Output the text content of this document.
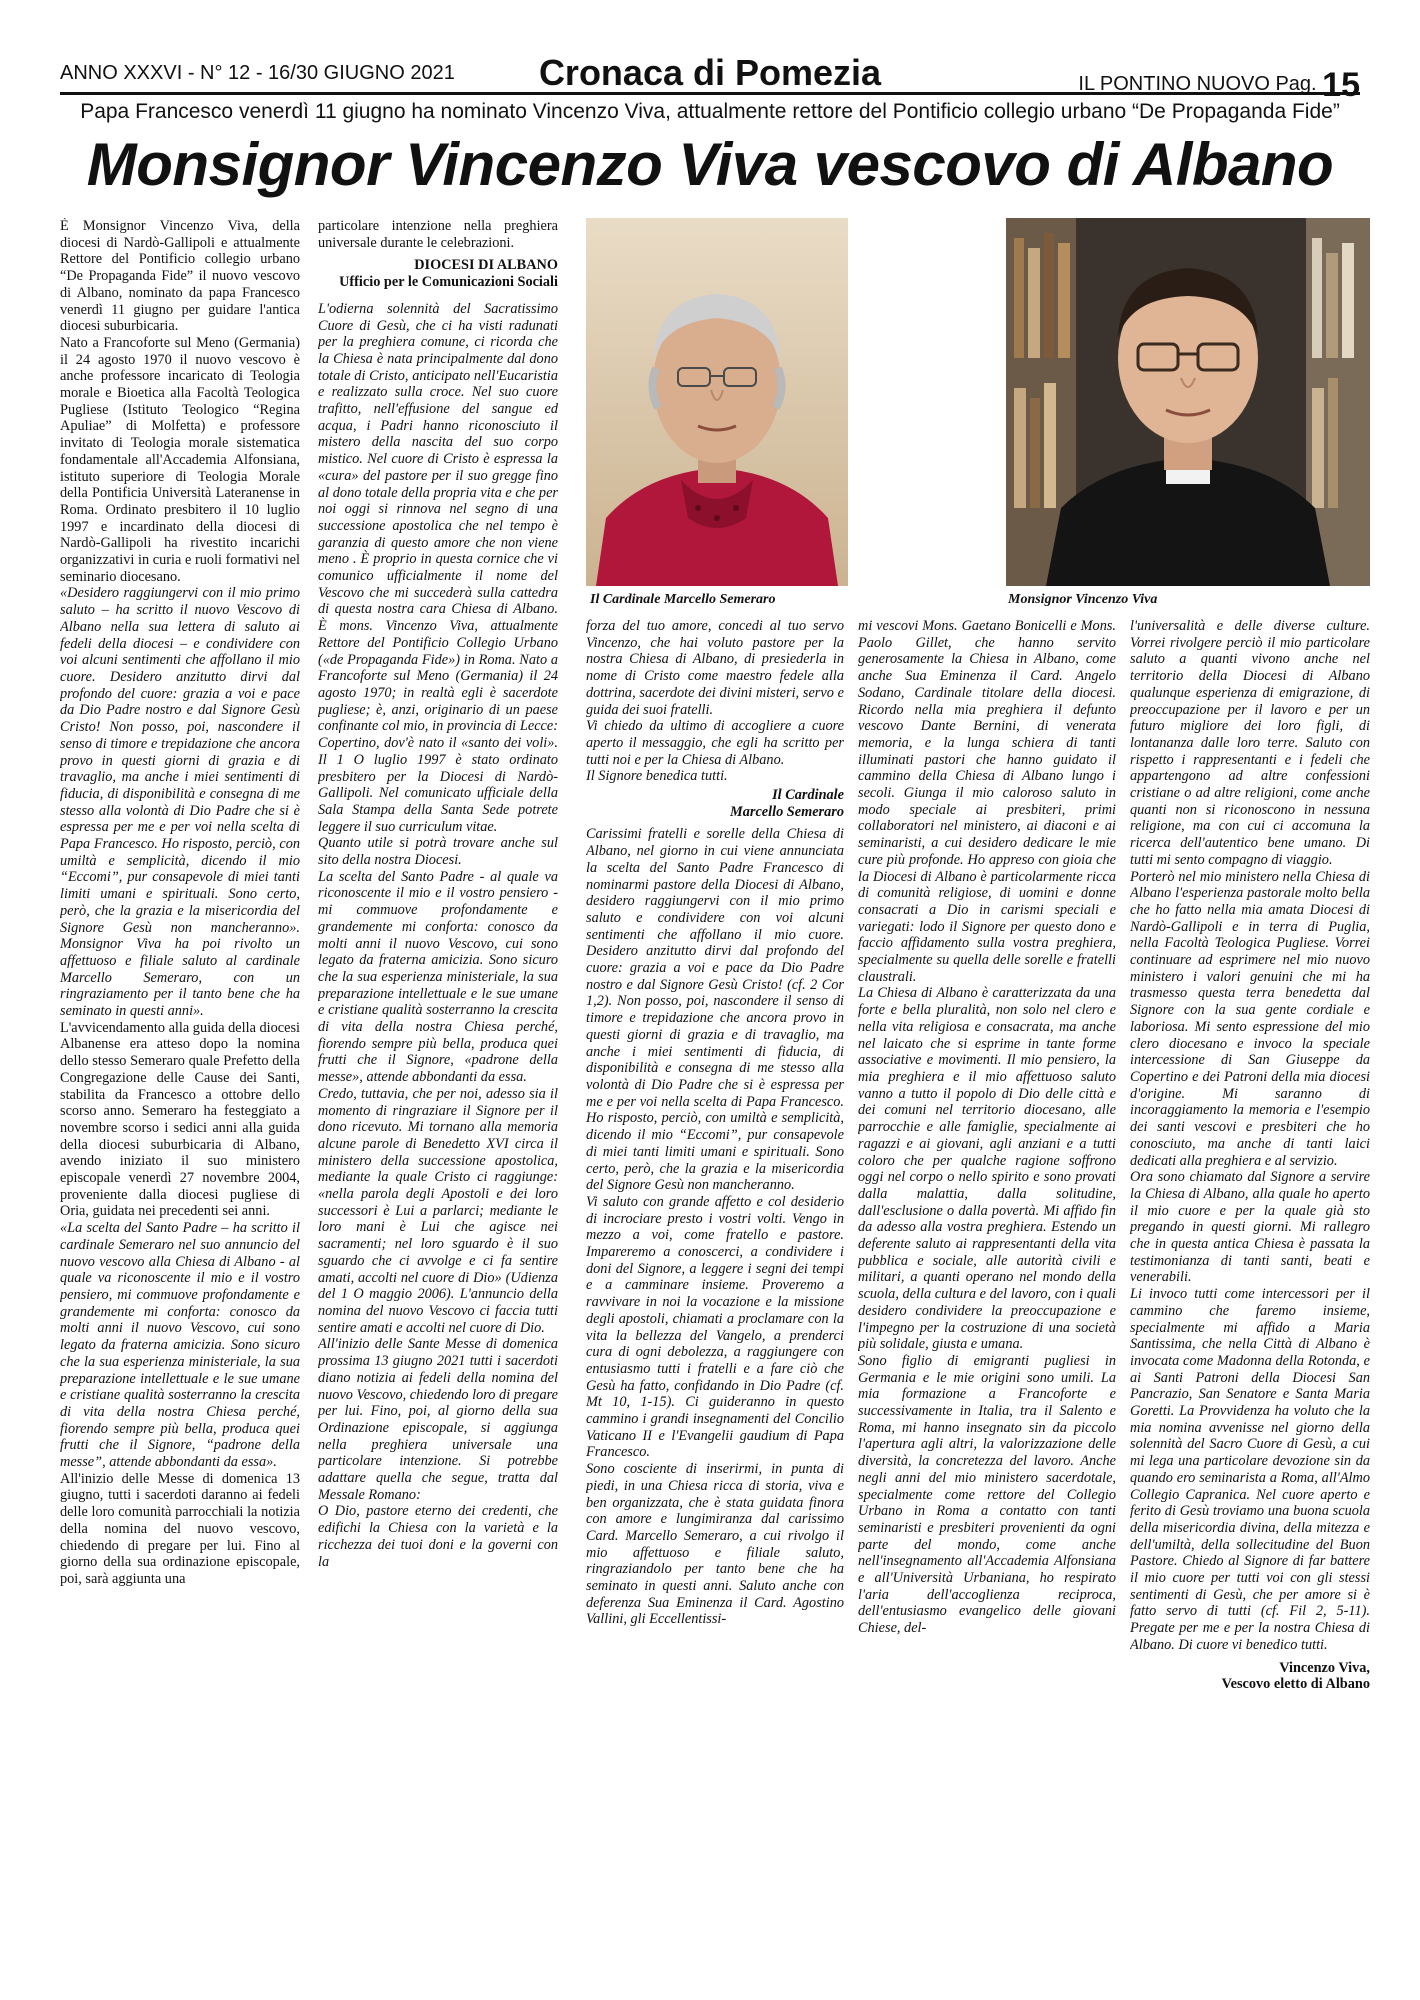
ANNO XXXVI - N° 12 - 16/30 GIUGNO 2021	Cronaca di Pomezia	IL PONTINO NUOVO Pag. 15
Papa Francesco venerdì 11 giugno ha nominato Vincenzo Viva, attualmente rettore del Pontificio collegio urbano “De Propaganda Fide”
Monsignor Vincenzo Viva vescovo di Albano

È Monsignor Vincenzo Viva, della diocesi di Nardò-Gallipoli e attualmente Rettore del Pontificio collegio urbano “De Propaganda Fide” il nuovo vescovo di Albano, nominato da papa Francesco venerdì 11 giugno per guidare l'antica diocesi suburbicaria.

Nato a Francoforte sul Meno (Germania) il 24 agosto 1970 il nuovo vescovo è anche professore incaricato di Teologia morale e Bioetica alla Facoltà Teologica Pugliese (Istituto Teologico “Regina Apuliae” di Molfetta) e professore invitato di Teologia morale sistematica fondamentale all'Accademia Alfonsiana, istituto superiore di Teologia Morale della Pontificia Università Lateranense in Roma. Ordinato presbitero il 10 luglio 1997 e incardinato della diocesi di Nardò-Gallipoli ha rivestito incarichi organizzativi in curia e ruoli formativi nel seminario diocesano.

«Desidero raggiungervi con il mio primo saluto – ha scritto il nuovo Vescovo di Albano nella sua lettera di saluto ai fedeli della diocesi – e condividere con voi alcuni sentimenti che affollano il mio cuore. Desidero anzitutto dirvi dal profondo del cuore: grazia a voi e pace da Dio Padre nostro e dal Signore Gesù Cristo! Non posso, poi, nascondere il senso di timore e trepidazione che ancora provo in questi giorni di grazia e di travaglio, ma anche i miei sentimenti di fiducia, di disponibilità e consegna di me stesso alla volontà di Dio Padre che si è espressa per me e per voi nella scelta di Papa Francesco. Ho risposto, perciò, con umiltà e semplicità, dicendo il mio “Eccomi”, pur consapevole di miei tanti limiti umani e spirituali. Sono certo, però, che la grazia e la misericordia del Signore Gesù non mancheranno». Monsignor Viva ha poi rivolto un affettuoso e filiale saluto al cardinale Marcello Semeraro, con un ringraziamento per il tanto bene che ha seminato in questi anni».

L'avvicendamento alla guida della diocesi Albanense era atteso dopo la nomina dello stesso Semeraro quale Prefetto della Congregazione delle Cause dei Santi, stabilita da Francesco a ottobre dello scorso anno. Semeraro ha festeggiato a novembre scorso i sedici anni alla guida della diocesi suburbicaria di Albano, avendo iniziato il suo ministero episcopale venerdì 27 novembre 2004, proveniente dalla diocesi pugliese di Oria, guidata nei precedenti sei anni.

«La scelta del Santo Padre – ha scritto il cardinale Semeraro nel suo annuncio del nuovo vescovo alla Chiesa di Albano - al quale va riconoscente il mio e il vostro pensiero, mi commuove profondamente e grandemente mi conforta: conosco da molti anni il nuovo Vescovo, cui sono legato da fraterna amicizia. Sono sicuro che la sua esperienza ministeriale, la sua preparazione intellettuale e le sue umane e cristiane qualità sosterranno la crescita di vita della nostra Chiesa perché, fiorendo sempre più bella, produca quei frutti che il Signore, “padrone della messe”, attende abbondanti da essa».

All'inizio delle Messe di domenica 13 giugno, tutti i sacerdoti daranno ai fedeli delle loro comunità parrocchiali la notizia della nomina del nuovo vescovo, chiedendo di pregare per lui. Fino al giorno della sua ordinazione episcopale, poi, sarà aggiunta una

particolare intenzione nella preghiera universale durante le celebrazioni.

DIOCESI DI ALBANO
Ufficio per le Comunicazioni Sociali

L'odierna solennità del Sacratissimo Cuore di Gesù, che ci ha visti radunati per la preghiera comune, ci ricorda che la Chiesa è nata principalmente dal dono totale di Cristo, anticipato nell'Eucaristia e realizzato sulla croce. Nel suo cuore trafitto, nell'effusione del sangue ed acqua, i Padri hanno riconosciuto il mistero della nascita del suo corpo mistico. Nel cuore di Cristo è espressa la «cura» del pastore per il suo gregge fino al dono totale della propria vita e che per noi oggi si rinnova nel segno di una successione apostolica che nel tempo è garanzia di questo amore che non viene meno . È proprio in questa cornice che vi comunico ufficialmente il nome del Vescovo che mi succederà sulla cattedra di questa nostra cara Chiesa di Albano. È mons. Vincenzo Viva, attualmente Rettore del Pontificio Collegio Urbano («de Propaganda Fide») in Roma. Nato a Francoforte sul Meno (Germania) il 24 agosto 1970; in realtà egli è sacerdote pugliese; è, anzi, originario di un paese confinante col mio, in provincia di Lecce: Copertino, dov'è nato il «santo dei voli». Il 1 O luglio 1997 è stato ordinato presbitero per la Diocesi di Nardò-Gallipoli. Nel comunicato ufficiale della Sala Stampa della Santa Sede potrete leggere il suo curriculum vitae.

Quanto utile si potrà trovare anche sul sito della nostra Diocesi.

La scelta del Santo Padre - al quale va riconoscente il mio e il vostro pensiero - mi commuove profondamente e grandemente mi conforta: conosco da molti anni il nuovo Vescovo, cui sono legato da fraterna amicizia. Sono sicuro che la sua esperienza ministeriale, la sua preparazione intellettuale e le sue umane e cristiane qualità sosterranno la crescita di vita della nostra Chiesa perché, fiorendo sempre più bella, produca quei frutti che il Signore, «padrone della messe», attende abbondanti da essa.

Credo, tuttavia, che per noi, adesso sia il momento di ringraziare il Signore per il dono ricevuto. Mi tornano alla memoria alcune parole di Benedetto XVI circa il ministero della successione apostolica, mediante la quale Cristo ci raggiunge: «nella parola degli Apostoli e dei loro successori è Lui a parlarci; mediante le loro mani è Lui che agisce nei sacramenti; nel loro sguardo è il suo sguardo che ci avvolge e ci fa sentire amati, accolti nel cuore di Dio» (Udienza del 1 O maggio 2006). L'annuncio della nomina del nuovo Vescovo ci faccia tutti sentire amati e accolti nel cuore di Dio.

All'inizio delle Sante Messe di domenica prossima 13 giugno 2021 tutti i sacerdoti diano notizia ai fedeli della nomina del nuovo Vescovo, chiedendo loro di pregare per lui. Fino, poi, al giorno della sua Ordinazione episcopale, si aggiunga nella preghiera universale una particolare intenzione. Si potrebbe adattare quella che segue, tratta dal Messale Romano:

O Dio, pastore eterno dei credenti, che edifichi la Chiesa con la varietà e la ricchezza dei tuoi doni e la governi con la

Il Cardinale Marcello Semeraro	Monsignor Vincenzo Viva

forza del tuo amore, concedi al tuo servo Vincenzo, che hai voluto pastore per la nostra Chiesa di Albano, di presiederla in nome di Cristo come maestro fedele alla dottrina, sacerdote dei divini misteri, servo e guida dei suoi fratelli.

Vi chiedo da ultimo di accogliere a cuore aperto il messaggio, che egli ha scritto per tutti noi e per la Chiesa di Albano.

Il Signore benedica tutti.

Il Cardinale
Marcello Semeraro

Carissimi fratelli e sorelle della Chiesa di Albano, nel giorno in cui viene annunciata la scelta del Santo Padre Francesco di nominarmi pastore della Diocesi di Albano, desidero raggiungervi con il mio primo saluto e condividere con voi alcuni sentimenti che affollano il mio cuore. Desidero anzitutto dirvi dal profondo del cuore: grazia a voi e pace da Dio Padre nostro e dal Signore Gesù Cristo! (cf. 2 Cor 1,2). Non posso, poi, nascondere il senso di timore e trepidazione che ancora provo in questi giorni di grazia e di travaglio, ma anche i miei sentimenti di fiducia, di disponibilità e consegna di me stesso alla volontà di Dio Padre che si è espressa per me e per voi nella scelta di Papa Francesco. Ho risposto, perciò, con umiltà e semplicità, dicendo il mio “Eccomi”, pur consapevole di miei tanti limiti umani e spirituali. Sono certo, però, che la grazia e la misericordia del Signore Gesù non mancheranno.

Vi saluto con grande affetto e col desiderio di incrociare presto i vostri volti. Vengo in mezzo a voi, come fratello e pastore. Impareremo a conoscerci, a condividere i doni del Signore, a leggere i segni dei tempi e a camminare insieme. Proveremo a ravvivare in noi la vocazione e la missione degli apostoli, chiamati a proclamare con la vita la bellezza del Vangelo, a prenderci cura di ogni debolezza, a raggiungere con entusiasmo tutti i fratelli e a fare ciò che Gesù ha fatto, confidando in Dio Padre (cf. Mt 10, 1-15). Ci guideranno in questo cammino i grandi insegnamenti del Concilio Vaticano II e l'Evangelii gaudium di Papa Francesco.

Sono cosciente di inserirmi, in punta di piedi, in una Chiesa ricca di storia, viva e ben organizzata, che è stata guidata finora con amore e lungimiranza dal carissimo Card. Marcello Semeraro, a cui rivolgo il mio affettuoso e filiale saluto, ringraziandolo per tanto bene che ha seminato in questi anni. Saluto anche con deferenza Sua Eminenza il Card. Agostino Vallini, gli Eccellentissi-

mi vescovi Mons. Gaetano Bonicelli e Mons. Paolo Gillet, che hanno servito generosamente la Chiesa in Albano, come anche Sua Eminenza il Card. Angelo Sodano, Cardinale titolare della diocesi. Ricordo nella mia preghiera il defunto vescovo Dante Bernini, di venerata memoria, e la lunga schiera di tanti illuminati pastori che hanno guidato il cammino della Chiesa di Albano lungo i secoli. Giunga il mio caloroso saluto in modo speciale ai presbiteri, primi collaboratori nel ministero, ai diaconi e ai seminaristi, a cui desidero dedicare le mie cure più profonde. Ho appreso con gioia che la Diocesi di Albano è particolarmente ricca di comunità religiose, di uomini e donne consacrati a Dio in carismi speciali e variegati: lodo il Signore per questo dono e faccio affidamento sulla vostra preghiera, specialmente su quella delle sorelle e fratelli claustrali.

La Chiesa di Albano è caratterizzata da una forte e bella pluralità, non solo nel clero e nella vita religiosa e consacrata, ma anche nel laicato che si esprime in tante forme associative e movimenti. Il mio pensiero, la mia preghiera e il mio affettuoso saluto vanno a tutto il popolo di Dio delle città e dei comuni nel territorio diocesano, alle parrocchie e alle famiglie, specialmente ai ragazzi e ai giovani, agli anziani e a tutti coloro che per qualche ragione soffrono oggi nel corpo o nello spirito e sono provati dalla malattia, dalla solitudine, dall'esclusione o dalla povertà. Mi affido fin da adesso alla vostra preghiera. Estendo un deferente saluto ai rappresentanti della vita pubblica e sociale, alle autorità civili e militari, a quanti operano nel mondo della scuola, della cultura e del lavoro, con i quali desidero condividere la preoccupazione e l'impegno per la costruzione di una società più solidale, giusta e umana.

Sono figlio di emigranti pugliesi in Germania e le mie origini sono umili. La mia formazione a Francoforte e successivamente in Italia, tra il Salento e Roma, mi hanno insegnato sin da piccolo l'apertura agli altri, la valorizzazione delle diversità, la concretezza del lavoro. Anche negli anni del mio ministero sacerdotale, specialmente come rettore del Collegio Urbano in Roma a contatto con tanti seminaristi e presbiteri provenienti da ogni parte del mondo, come anche nell'insegnamento all'Accademia Alfonsiana e all'Università Urbaniana, ho respirato l'aria dell'accoglienza reciproca, dell'entusiasmo evangelico delle giovani Chiese, del-

l'universalità e delle diverse culture. Vorrei rivolgere perciò il mio particolare saluto a quanti vivono anche nel territorio della Diocesi di Albano qualunque esperienza di emigrazione, di preoccupazione per il lavoro e per un futuro migliore dei loro figli, di lontananza dalle loro terre. Saluto con rispetto i rappresentanti e i fedeli che appartengono ad altre confessioni cristiane o ad altre religioni, come anche quanti non si riconoscono in nessuna religione, ma con cui ci accomuna la ricerca dell'autentico bene umano. Di tutti mi sento compagno di viaggio.

Porterò nel mio ministero nella Chiesa di Albano l'esperienza pastorale molto bella che ho fatto nella mia amata Diocesi di Nardò-Gallipoli e in terra di Puglia, nella Facoltà Teologica Pugliese. Vorrei continuare ad esprimere nel mio nuovo ministero i valori genuini che mi ha trasmesso questa terra benedetta dal Signore con la sua gente cordiale e laboriosa. Mi sento espressione del mio clero diocesano e invoco la speciale intercessione di San Giuseppe da Copertino e dei Patroni della mia diocesi d'origine. Mi saranno di incoraggiamento la memoria e l'esempio dei santi vescovi e presbiteri che ho conosciuto, ma anche di tanti laici dedicati alla preghiera e al servizio.

Ora sono chiamato dal Signore a servire la Chiesa di Albano, alla quale ho aperto il mio cuore e per la quale già sto pregando in questi giorni. Mi rallegro che in questa antica Chiesa è passata la testimonianza di tanti santi, beati e venerabili.

Li invoco tutti come intercessori per il cammino che faremo insieme, specialmente mi affido a Maria Santissima, che nella Città di Albano è invocata come Madonna della Rotonda, e ai Santi Patroni della Diocesi San Pancrazio, San Senatore e Santa Maria Goretti. La Provvidenza ha voluto che la mia nomina avvenisse nel giorno della solennità del Sacro Cuore di Gesù, a cui mi lega una particolare devozione sin da quando ero seminarista a Roma, all'Almo Collegio Capranica. Nel cuore aperto e ferito di Gesù troviamo una buona scuola della misericordia divina, della mitezza e dell'umiltà, della sollecitudine del Buon Pastore. Chiedo al Signore di far battere il mio cuore per tutti voi con gli stessi sentimenti di Gesù, che per amore si è fatto servo di tutti (cf. Fil 2, 5-11). Pregate per me e per la nostra Chiesa di Albano. Di cuore vi benedico tutti.

Vincenzo Viva,
Vescovo eletto di Albano
